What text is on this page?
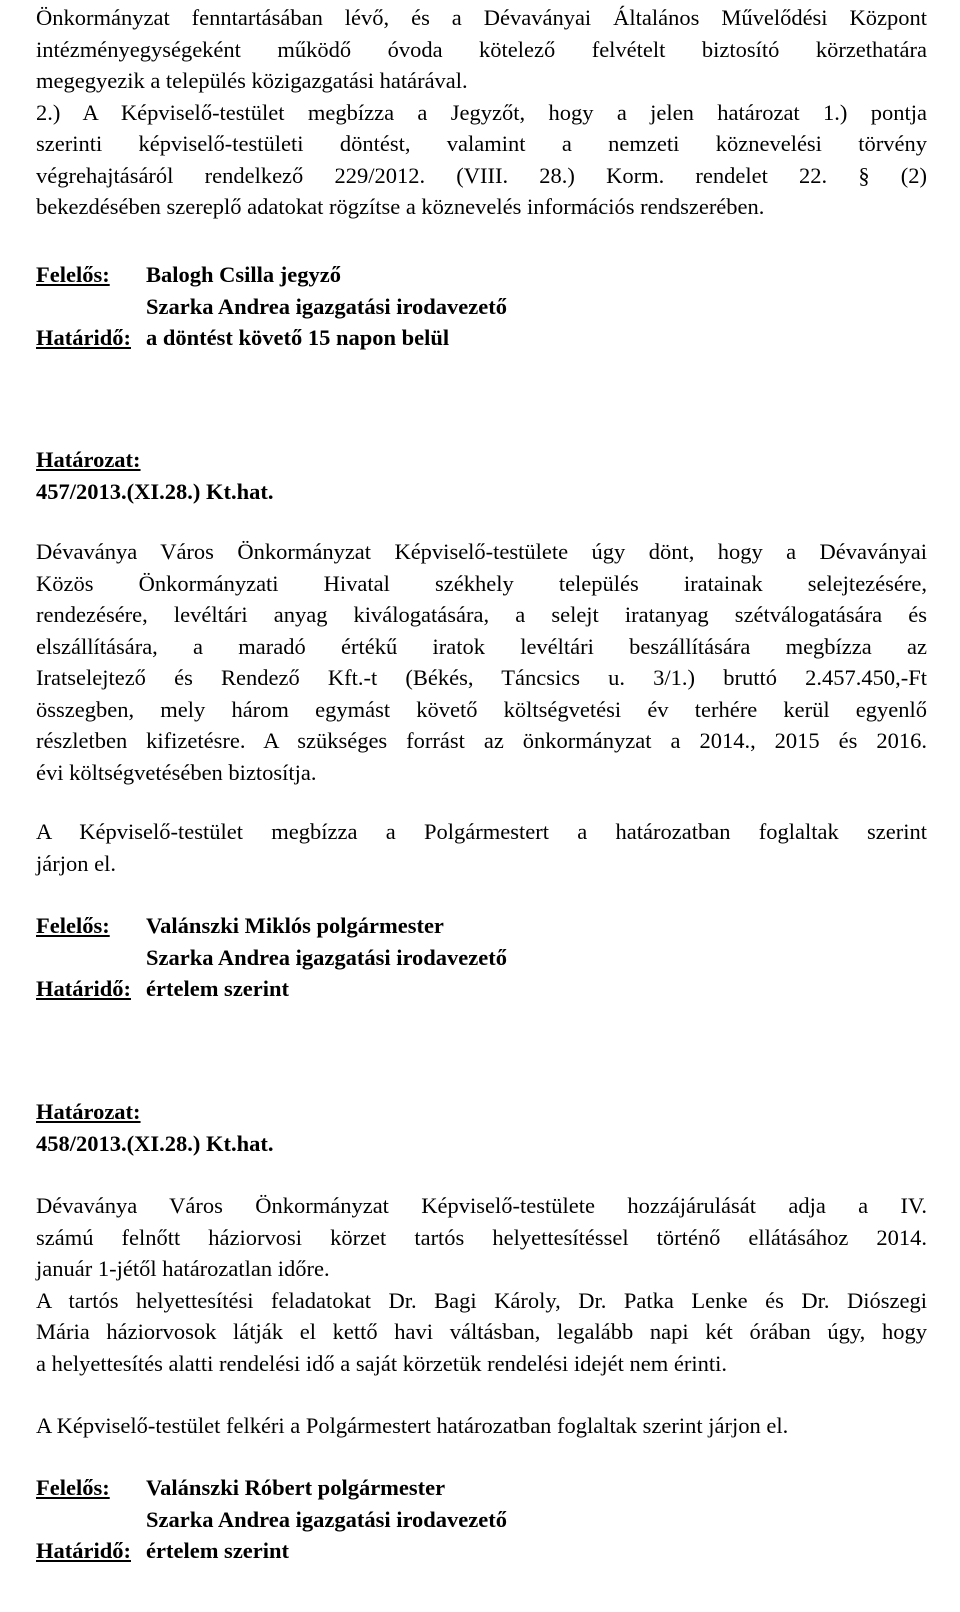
Önkormányzat fenntartásában lévő, és a Dévaványai Általános Művelődési Központ
intézményegységeként működő óvoda kötelező felvételt biztosító körzethatára
megegyezik a település közigazgatási határával.
2.) A Képviselő-testület megbízza a Jegyzőt, hogy a jelen határozat 1.) pontja
szerinti képviselő-testületi döntést, valamint a nemzeti köznevelési törvény
végrehajtásáról rendelkező 229/2012. (VIII. 28.) Korm. rendelet 22. § (2)
bekezdésében szereplő adatokat rögzítse a köznevelés információs rendszerében.
Felelős: Balogh Csilla jegyző
Szarka Andrea igazgatási irodavezető
Határidő: a döntést követő 15 napon belül
Határozat:
457/2013.(XI.28.) Kt.hat.
Dévaványa Város Önkormányzat Képviselő-testülete úgy dönt, hogy a Dévaványai
Közös Önkormányzati Hivatal székhely település iratainak selejtezésére,
rendezésére, levéltári anyag kiválogatására, a selejt iratanyag szétválogatására és
elszállítására, a maradó értékű iratok levéltári beszállítására megbízza az
Iratselejtező és Rendező Kft.-t (Békés, Táncsics u. 3/1.) bruttó 2.457.450,-Ft
összegben, mely három egymást követő költségvetési év terhére kerül egyenlő
részletben kifizetésre. A szükséges forrást az önkormányzat a 2014., 2015 és 2016.
évi költségvetésében biztosítja.
A Képviselő-testület megbízza a Polgármestert a határozatban foglaltak szerint
járjon el.
Felelős: Valánszki Miklós polgármester
Szarka Andrea igazgatási irodavezető
Határidő: értelem szerint
Határozat:
458/2013.(XI.28.) Kt.hat.
Dévaványa Város Önkormányzat Képviselő-testülete hozzájárulását adja a IV.
számú felnőtt háziorvosi körzet tartós helyettesítéssel történő ellátásához 2014.
január 1-jétől határozatlan időre.
A tartós helyettesítési feladatokat Dr. Bagi Károly, Dr. Patka Lenke és Dr. Diószegi
Mária háziorvosok látják el kettő havi váltásban, legalább napi két órában úgy, hogy
a helyettesítés alatti rendelési idő a saját körzetük rendelési idejét nem érinti.
A Képviselő-testület felkéri a Polgármestert határozatban foglaltak szerint járjon el.
Felelős: Valánszki Róbert polgármester
Szarka Andrea igazgatási irodavezető
Határidő: értelem szerint
